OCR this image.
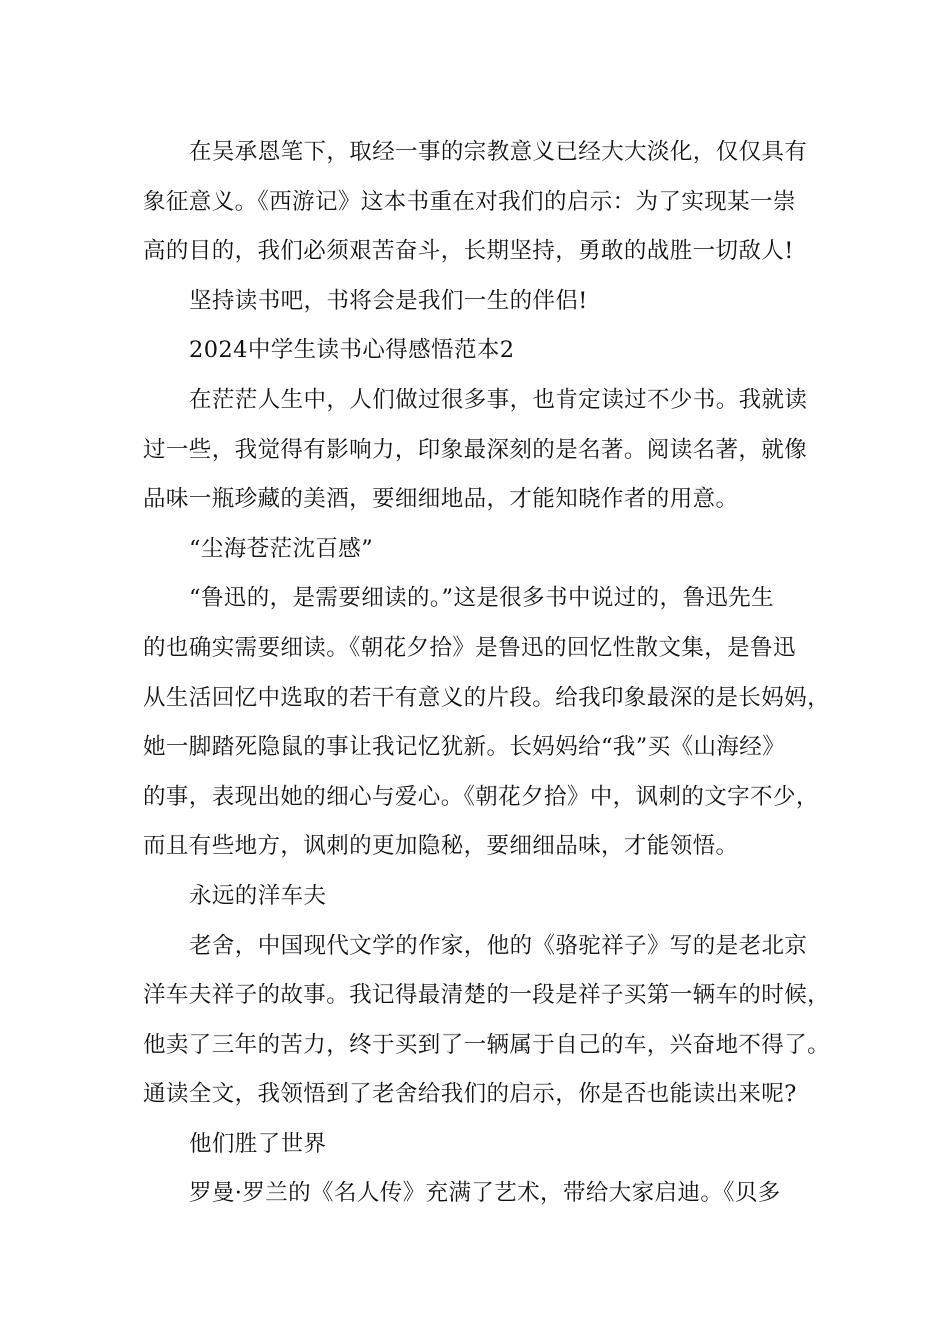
在吴承恩笔下，取经一事的宗教意义已经大大淡化，仅仅具有
象征意义。《西游记》这本书重在对我们的启示：为了实现某一崇
高的目的，我们必须艰苦奋斗，长期坚持，勇敢的战胜一切敌人!
坚持读书吧，书将会是我们一生的伴侣!
2024中学生读书心得感悟范本2
在茫茫人生中，人们做过很多事，也肯定读过不少书。我就读
过一些，我觉得有影响力，印象最深刻的是名著。阅读名著，就像
品味一瓶珍藏的美酒，要细细地品，才能知晓作者的用意。
“尘海苍茫沈百感”
“鲁迅的，是需要细读的。”这是很多书中说过的，鲁迅先生
的也确实需要细读。《朝花夕拾》是鲁迅的回忆性散文集，是鲁迅
从生活回忆中选取的若干有意义的片段。给我印象最深的是长妈妈，
她一脚踏死隐鼠的事让我记忆犹新。长妈妈给“我”买《山海经》
的事，表现出她的细心与爱心。《朝花夕拾》中，讽刺的文字不少，
而且有些地方，讽刺的更加隐秘，要细细品味，才能领悟。
永远的洋车夫
老舍，中国现代文学的作家，他的《骆驼祥子》写的是老北京
洋车夫祥子的故事。我记得最清楚的一段是祥子买第一辆车的时候，
他卖了三年的苦力，终于买到了一辆属于自己的车，兴奋地不得了。
通读全文，我领悟到了老舍给我们的启示，你是否也能读出来呢?
他们胜了世界
罗曼·罗兰的《名人传》充满了艺术，带给大家启迪。《贝多
